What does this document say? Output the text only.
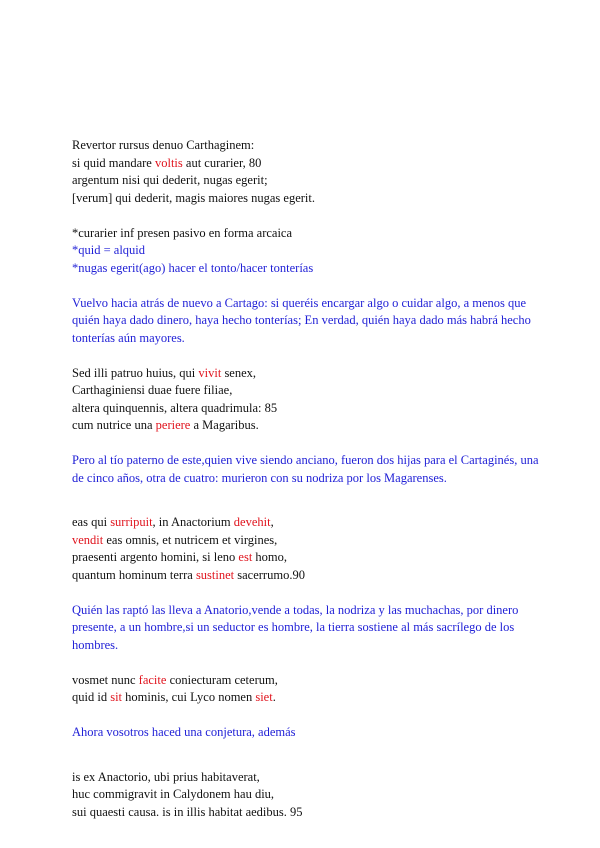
Revertor rursus denuo Carthaginem:
si quid mandare voltis aut curarier, 80
argentum nisi qui dederit, nugas egerit;
[verum] qui dederit, magis maiores nugas egerit.
*curarier inf presen pasivo en forma arcaica
*quid = alquid
*nugas egerit(ago) hacer el tonto/hacer tonterías
Vuelvo hacia atrás de nuevo a Cartago: si queréis encargar algo o cuidar algo, a menos que quién haya dado dinero, haya hecho tonterías; En verdad, quién haya dado más habrá hecho tonterías aún mayores.
Sed illi patruo huius, qui vivit senex,
Carthaginiensi duae fuere filiae,
altera quinquennis, altera quadrimula: 85
cum nutrice una periere a Magaribus.
Pero al tío paterno de este,quien vive siendo anciano, fueron dos hijas para el Cartaginés, una de cinco años, otra de cuatro: murieron con su nodriza por los Magarenses.
eas qui surripuit, in Anactorium devehit,
vendit eas omnis, et nutricem et virgines,
praesenti argento homini, si leno est homo,
quantum hominum terra sustinet sacerrumo.90
Quién las raptó las lleva a Anatorio,vende a todas, la nodriza y las muchachas, por dinero presente, a un hombre,si un seductor es hombre, la tierra sostiene al más sacrílego de los hombres.
vosmet nunc facite coniecturam ceterum,
quid id sit hominis, cui Lyco nomen siet.
Ahora vosotros haced una conjetura, además
is ex Anactorio, ubi prius habitaverat,
huc commigravit in Calydonem hau diu,
sui quaesti causa. is in illis habitat aedibus. 95
